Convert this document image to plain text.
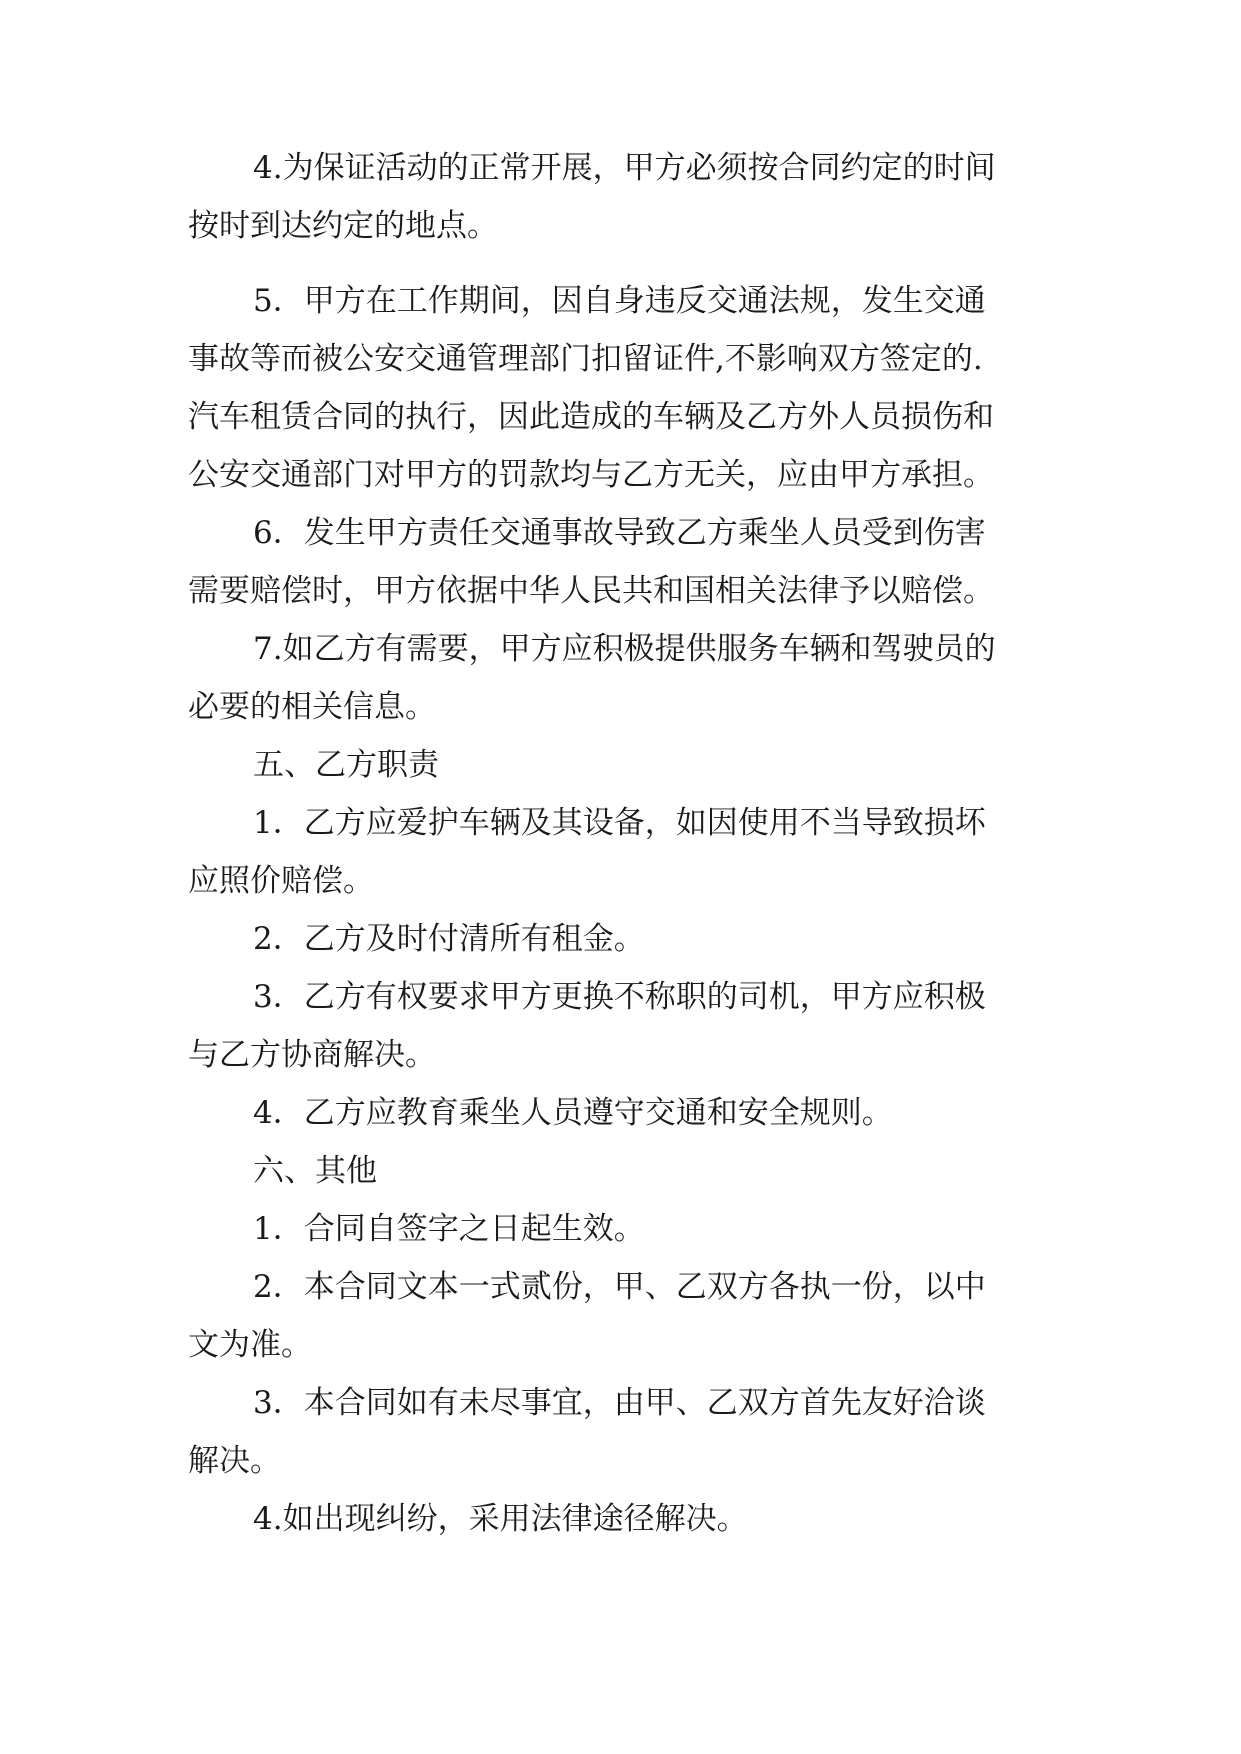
4.为保证活动的正常开展，甲方必须按合同约定的时间
按时到达约定的地点。
5．甲方在工作期间，因自身违反交通法规，发生交通
事故等而被公安交通管理部门扣留证件,不影响双方签定的.
汽车租赁合同的执行，因此造成的车辆及乙方外人员损伤和
公安交通部门对甲方的罚款均与乙方无关，应由甲方承担。
6．发生甲方责任交通事故导致乙方乘坐人员受到伤害
需要赔偿时，甲方依据中华人民共和国相关法律予以赔偿。
7.如乙方有需要，甲方应积极提供服务车辆和驾驶员的
必要的相关信息。
五、乙方职责
1．乙方应爱护车辆及其设备，如因使用不当导致损坏
应照价赔偿。
2．乙方及时付清所有租金。
3．乙方有权要求甲方更换不称职的司机，甲方应积极
与乙方协商解决。
4．乙方应教育乘坐人员遵守交通和安全规则。
六、其他
1．合同自签字之日起生效。
2．本合同文本一式贰份，甲、乙双方各执一份，以中
文为准。
3．本合同如有未尽事宜，由甲、乙双方首先友好洽谈
解决。
4.如出现纠纷，采用法律途径解决。
